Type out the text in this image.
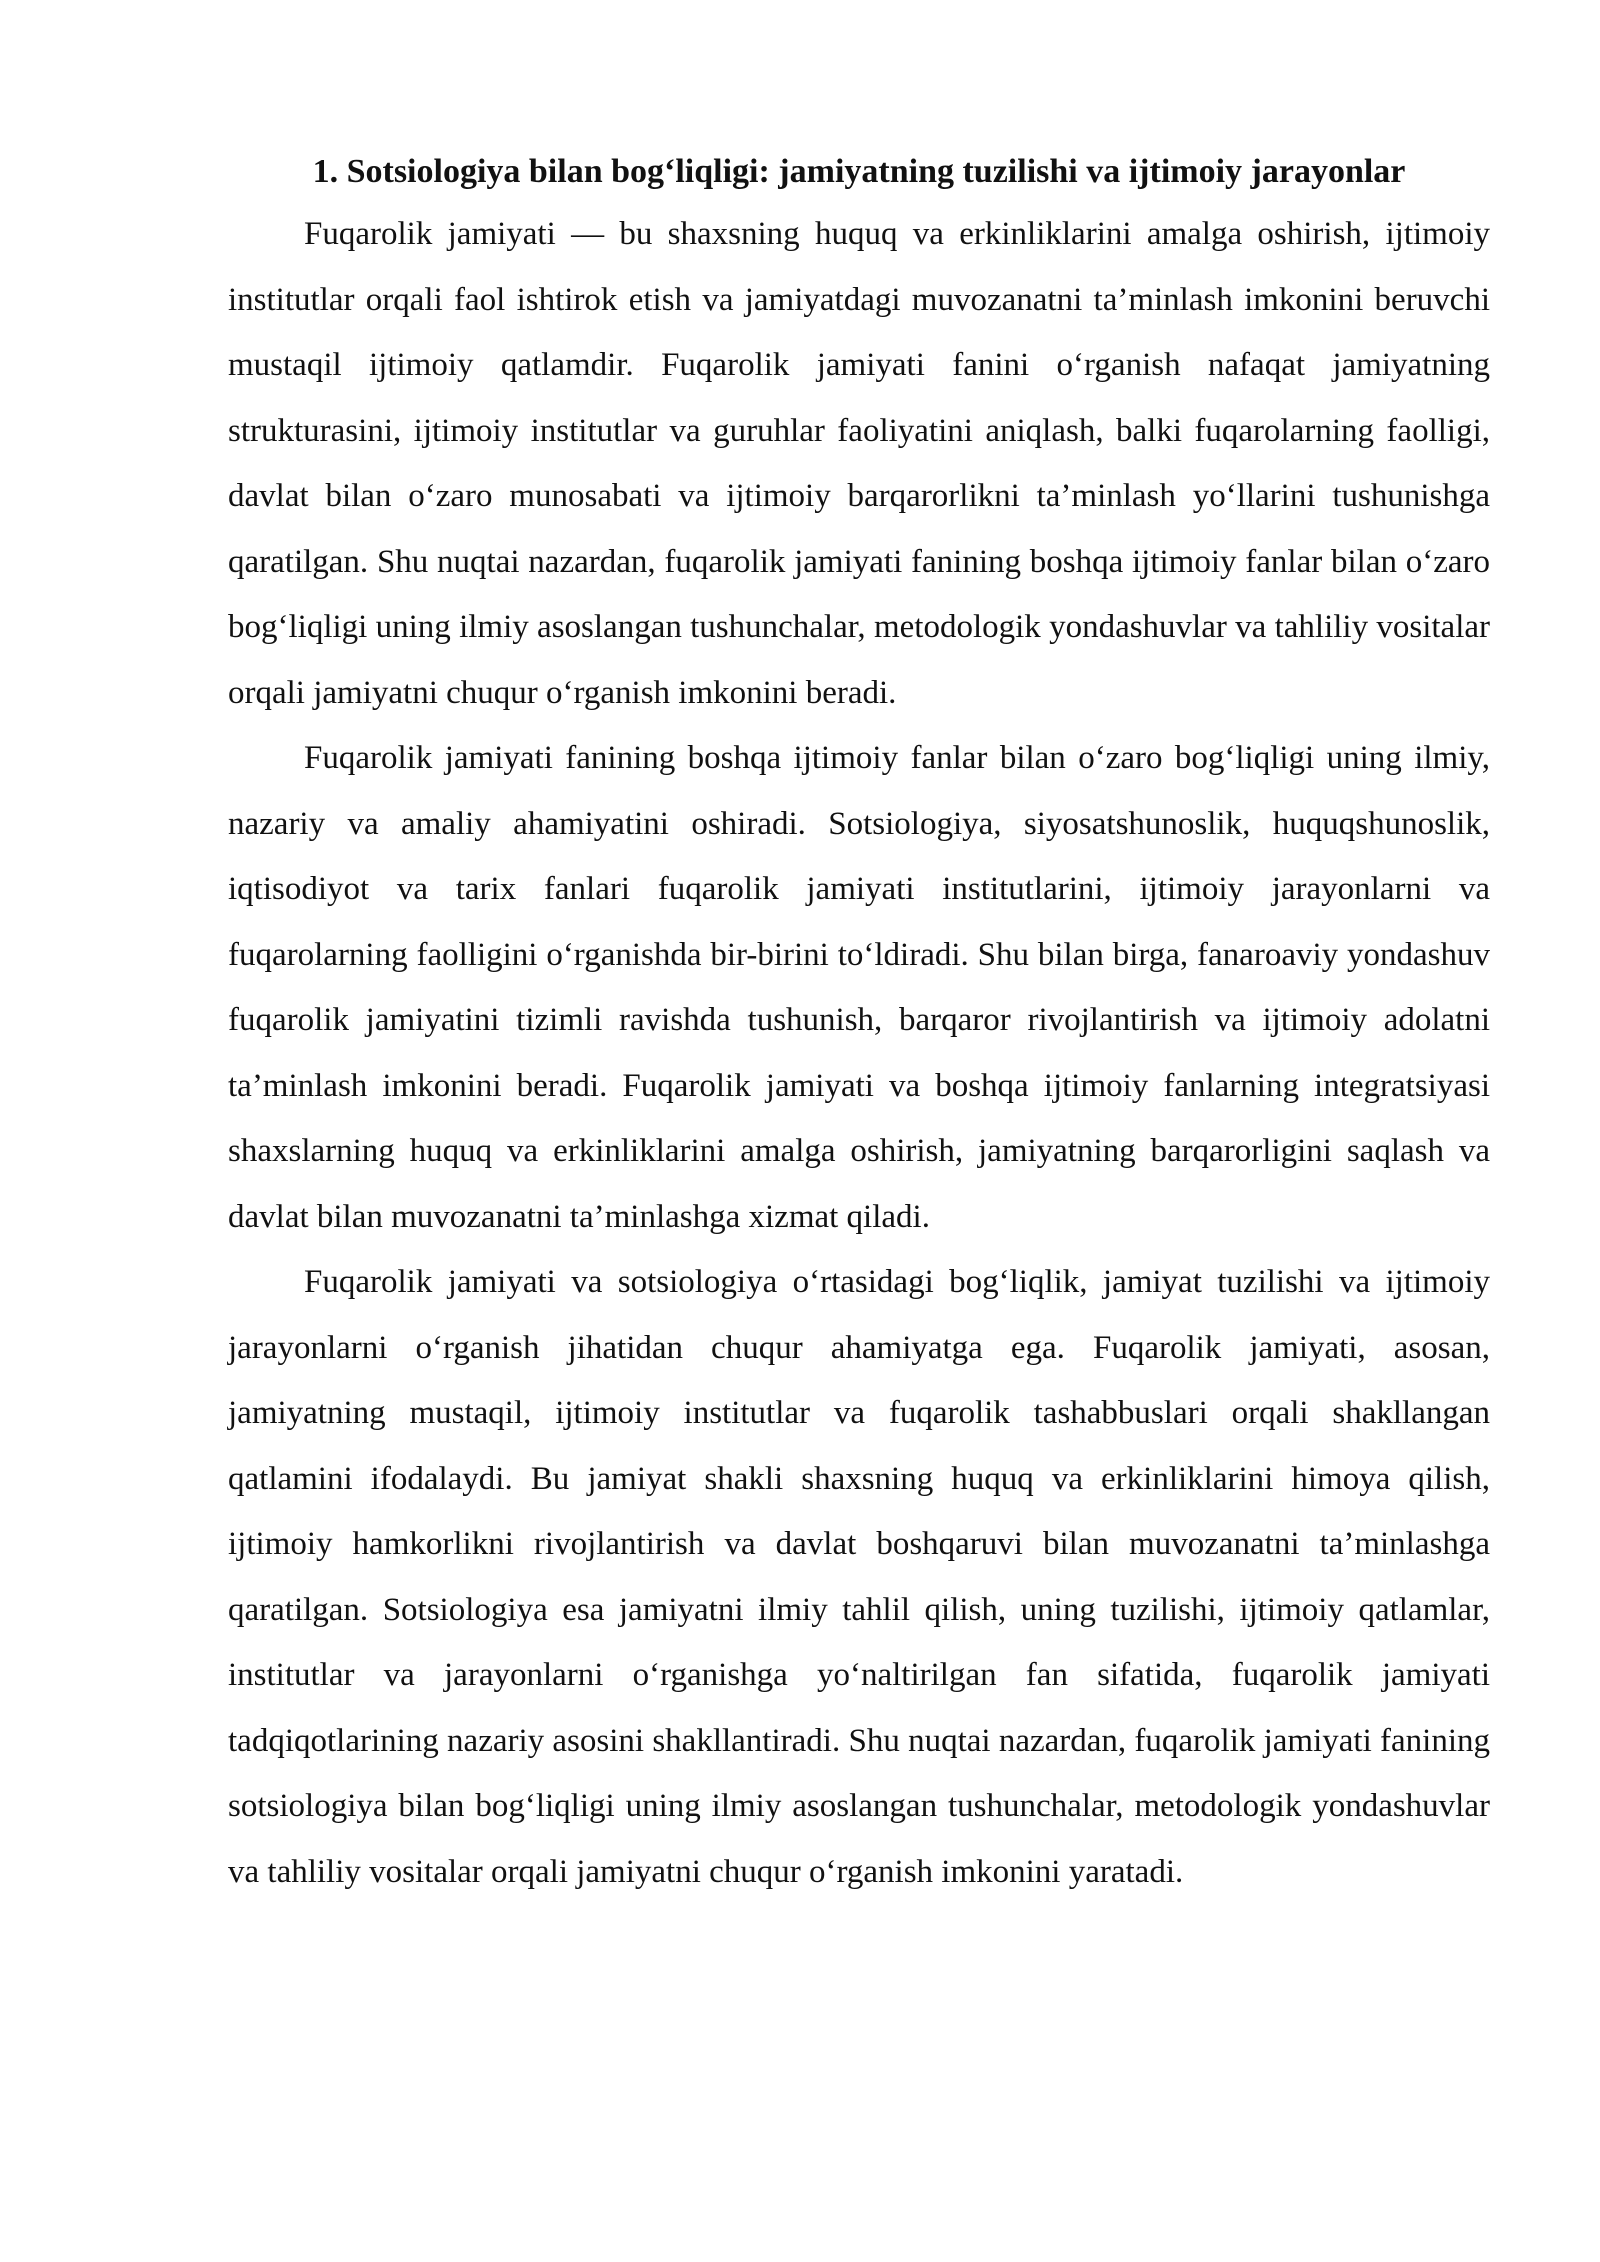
1. Sotsiologiya bilan bog‘liqligi: jamiyatning tuzilishi va ijtimoiy jarayonlar

Fuqarolik jamiyati — bu shaxsning huquq va erkinliklarini amalga oshirish, ijtimoiy institutlar orqali faol ishtirok etish va jamiyatdagi muvozanatni ta’minlash imkonini beruvchi mustaqil ijtimoiy qatlamdir. Fuqarolik jamiyati fanini o‘rganish nafaqat jamiyatning strukturasini, ijtimoiy institutlar va guruhlar faoliyatini aniqlash, balki fuqarolarning faolligi, davlat bilan o‘zaro munosabati va ijtimoiy barqarorlikni ta’minlash yo‘llarini tushunishga qaratilgan. Shu nuqtai nazardan, fuqarolik jamiyati fanining boshqa ijtimoiy fanlar bilan o‘zaro bog‘liqligi uning ilmiy asoslangan tushunchalar, metodologik yondashuvlar va tahliliy vositalar orqali jamiyatni chuqur o‘rganish imkonini beradi.

Fuqarolik jamiyati fanining boshqa ijtimoiy fanlar bilan o‘zaro bog‘liqligi uning ilmiy, nazariy va amaliy ahamiyatini oshiradi. Sotsiologiya, siyosatshunoslik, huquqshunoslik, iqtisodiyot va tarix fanlari fuqarolik jamiyati institutlarini, ijtimoiy jarayonlarni va fuqarolarning faolligini o‘rganishda bir-birini to‘ldiradi. Shu bilan birga, fanaroaviy yondashuv fuqarolik jamiyatini tizimli ravishda tushunish, barqaror rivojlantirish va ijtimoiy adolatni ta’minlash imkonini beradi. Fuqarolik jamiyati va boshqa ijtimoiy fanlarning integratsiyasi shaxslarning huquq va erkinliklarini amalga oshirish, jamiyatning barqarorligini saqlash va davlat bilan muvozanatni ta’minlashga xizmat qiladi.

Fuqarolik jamiyati va sotsiologiya o‘rtasidagi bog‘liqlik, jamiyat tuzilishi va ijtimoiy jarayonlarni o‘rganish jihatidan chuqur ahamiyatga ega. Fuqarolik jamiyati, asosan, jamiyatning mustaqil, ijtimoiy institutlar va fuqarolik tashabbuslari orqali shakllangan qatlamini ifodalaydi. Bu jamiyat shakli shaxsning huquq va erkinliklarini himoya qilish, ijtimoiy hamkorlikni rivojlantirish va davlat boshqaruvi bilan muvozanatni ta’minlashga qaratilgan. Sotsiologiya esa jamiyatni ilmiy tahlil qilish, uning tuzilishi, ijtimoiy qatlamlar, institutlar va jarayonlarni o‘rganishga yo‘naltirilgan fan sifatida, fuqarolik jamiyati tadqiqotlarining nazariy asosini shakllantiradi. Shu nuqtai nazardan, fuqarolik jamiyati fanining sotsiologiya bilan bog‘liqligi uning ilmiy asoslangan tushunchalar, metodologik yondashuvlar va tahliliy vositalar orqali jamiyatni chuqur o‘rganish imkonini yaratadi.
